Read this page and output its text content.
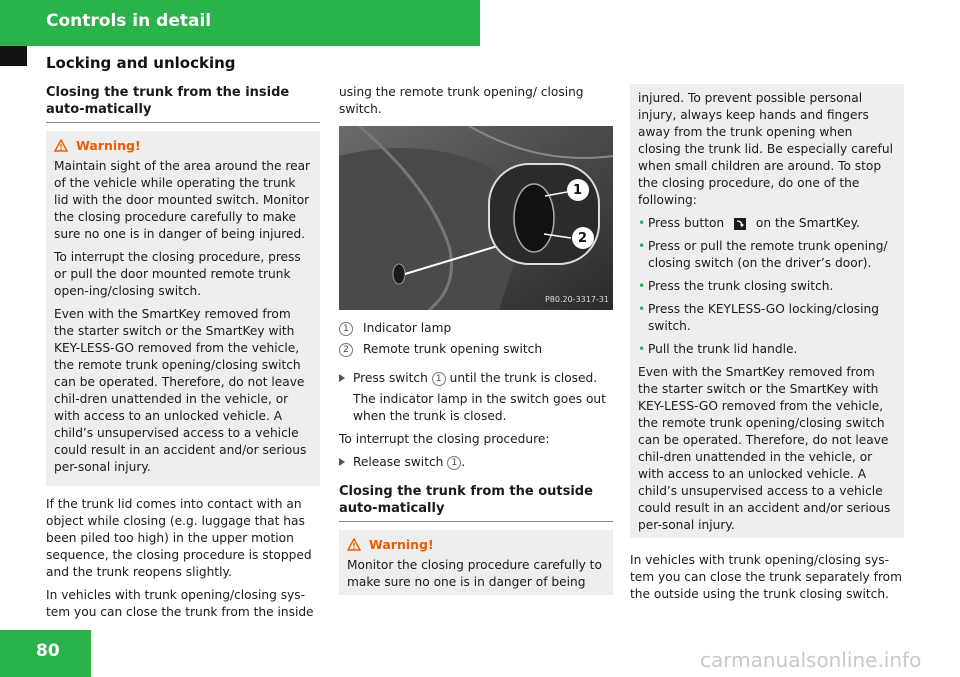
Controls in detail
Locking and unlocking
Closing the trunk from the inside auto-matically
Warning!

Maintain sight of the area around the rear of the vehicle while operating the trunk lid with the door mounted switch. Monitor the closing procedure carefully to make sure no one is in danger of being injured.

To interrupt the closing procedure, press or pull the door mounted remote trunk open-ing/closing switch.

Even with the SmartKey removed from the starter switch or the SmartKey with KEY-LESS-GO removed from the vehicle, the remote trunk opening/closing switch can be operated. Therefore, do not leave chil-dren unattended in the vehicle, or with access to an unlocked vehicle. A child’s unsupervised access to a vehicle could result in an accident and/or serious per-sonal injury.

If the trunk lid comes into contact with an object while closing (e.g. luggage that has been piled too high) in the upper motion sequence, the closing procedure is stopped and the trunk reopens slightly.

In vehicles with trunk opening/closing sys-tem you can close the trunk from the inside

using the remote trunk opening/ closing switch.

1
2
P80.20-3317-31
1	Indicator lamp
2	Remote trunk opening switch
Press switch 1 until the trunk is closed.

The indicator lamp in the switch goes out when the trunk is closed.

To interrupt the closing procedure:

Release switch 1 .
Closing the trunk from the outside auto-matically
Warning!

Monitor the closing procedure carefully to make sure no one is in danger of being

injured. To prevent possible personal injury, always keep hands and fingers away from the trunk opening when closing the trunk lid. Be especially careful when small children are around. To stop the closing procedure, do one of the following:

• Press button	on the SmartKey.
• Press or pull the remote trunk opening/ closing switch (on the driver’s door).
• Press the trunk closing switch.
• Press the KEYLESS-GO locking/closing switch.
• Pull the trunk lid handle.

Even with the SmartKey removed from the starter switch or the SmartKey with KEY-LESS-GO removed from the vehicle, the remote trunk opening/closing switch can be operated. Therefore, do not leave chil-dren unattended in the vehicle, or with access to an unlocked vehicle. A child’s unsupervised access to a vehicle could result in an accident and/or serious per-sonal injury.

In vehicles with trunk opening/closing sys-tem you can close the trunk separately from the outside using the trunk closing switch.

80	carmanualsonline.info
